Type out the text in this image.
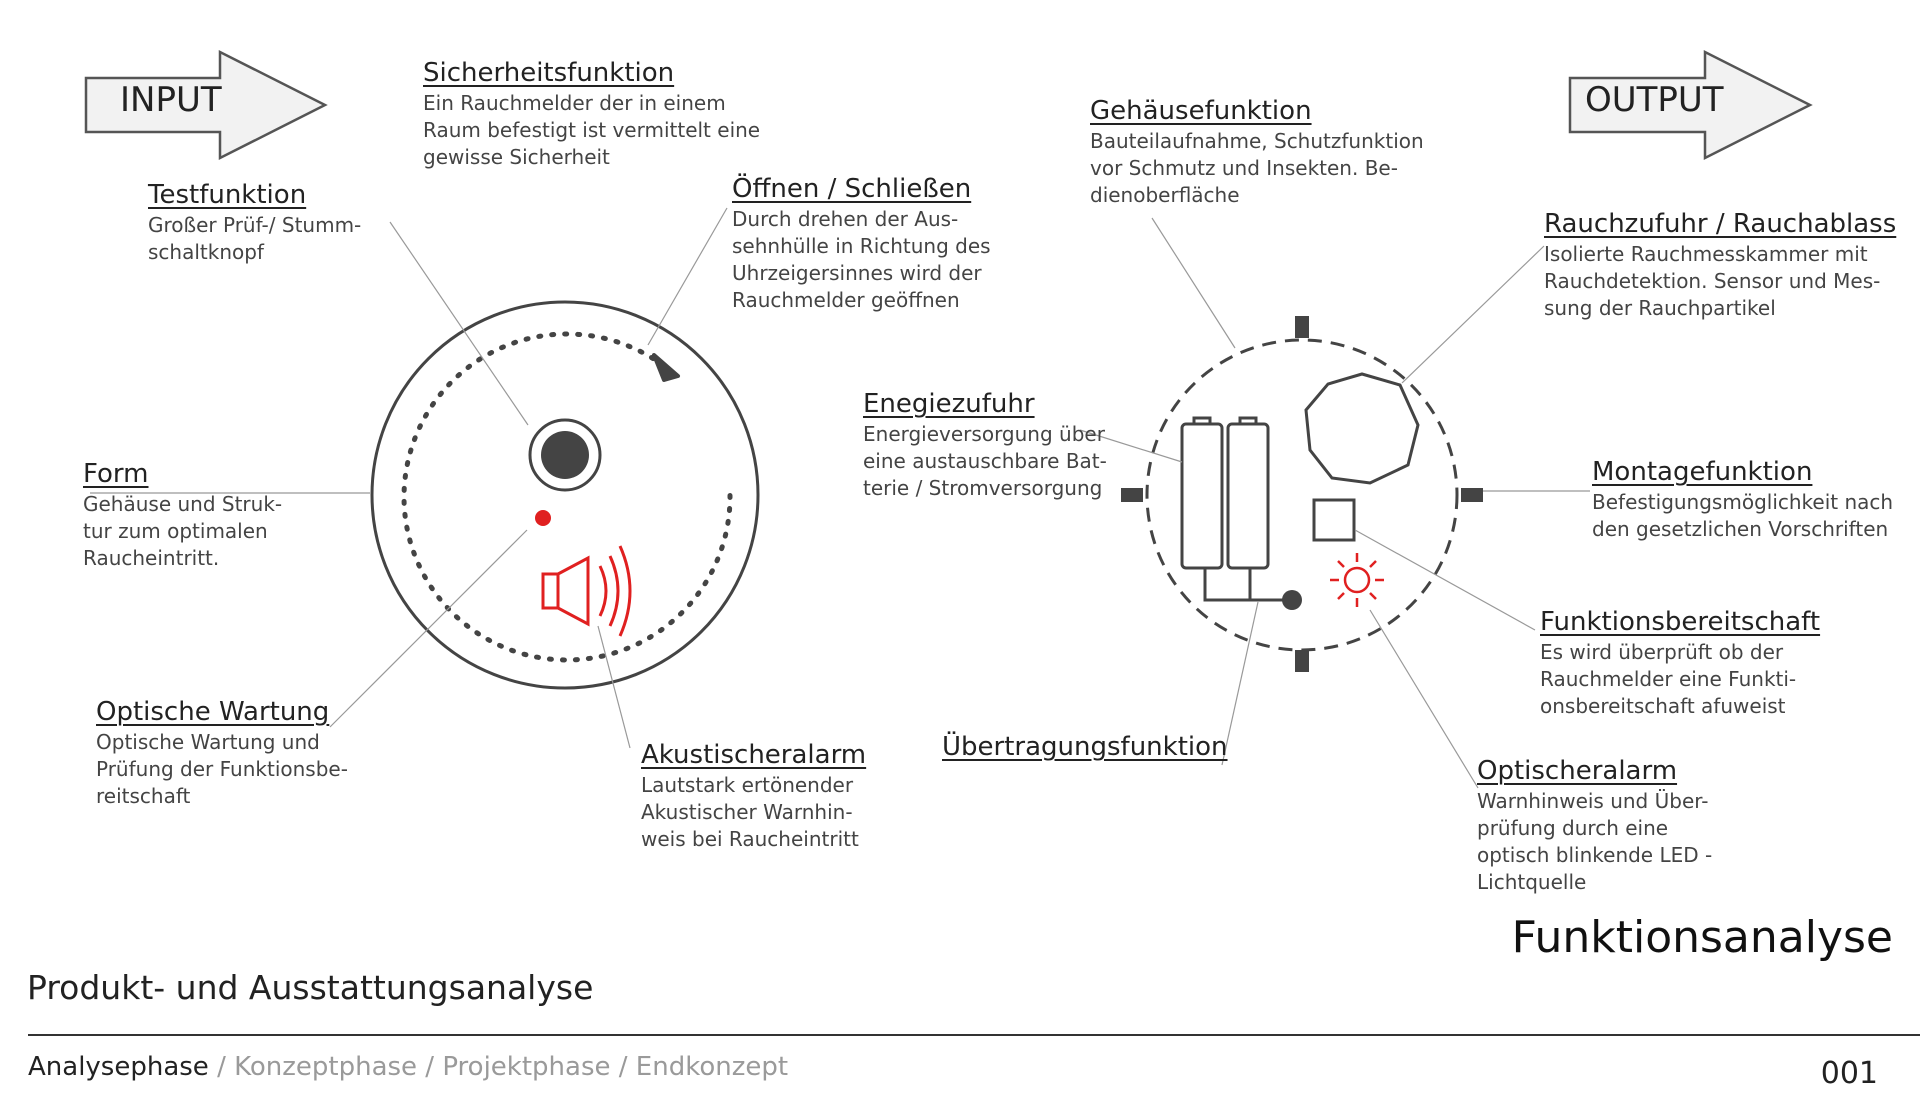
INPUT	OUTPUT
Sicherheitsfunktion
Ein Rauchmelder der in einem
Raum befestigt ist vermittelt eine
gewisse Sicherheit
Testfunktion
Großer Prüf-/ Stumm-
schaltknopf
Öffnen / Schließen
Durch drehen der Aus-
sehnhülle in Richtung des
Uhrzeigersinnes wird der
Rauchmelder geöffnen
Form
Gehäuse und Struk-
tur zum optimalen
Raucheintritt.
Optische Wartung
Optische Wartung und
Prüfung der Funktionsbe-
reitschaft
Akustischeralarm
Lautstark ertönender
Akustischer Warnhin-
weis bei Raucheintritt
Gehäusefunktion
Bauteilaufnahme, Schutzfunktion
vor Schmutz und Insekten. Be-
dienoberfläche
Rauchzufuhr / Rauchablass
Isolierte Rauchmesskammer mit
Rauchdetektion. Sensor und Mes-
sung der Rauchpartikel
Enegiezufuhr
Energieversorgung über
eine austauschbare Bat-
terie / Stromversorgung
Montagefunktion
Befestigungsmöglichkeit nach
den gesetzlichen Vorschriften
Funktionsbereitschaft
Es wird überprüft ob der
Rauchmelder eine Funkti-
onsbereitschaft afuweist
Übertragungsfunktion
Optischeralarm
Warnhinweis und Über-
prüfung durch eine
optisch blinkende LED -
Lichtquelle
Funktionsanalyse
Produkt- und Ausstattungsanalyse
Analysephase / Konzeptphase / Projektphase / Endkonzept	001
